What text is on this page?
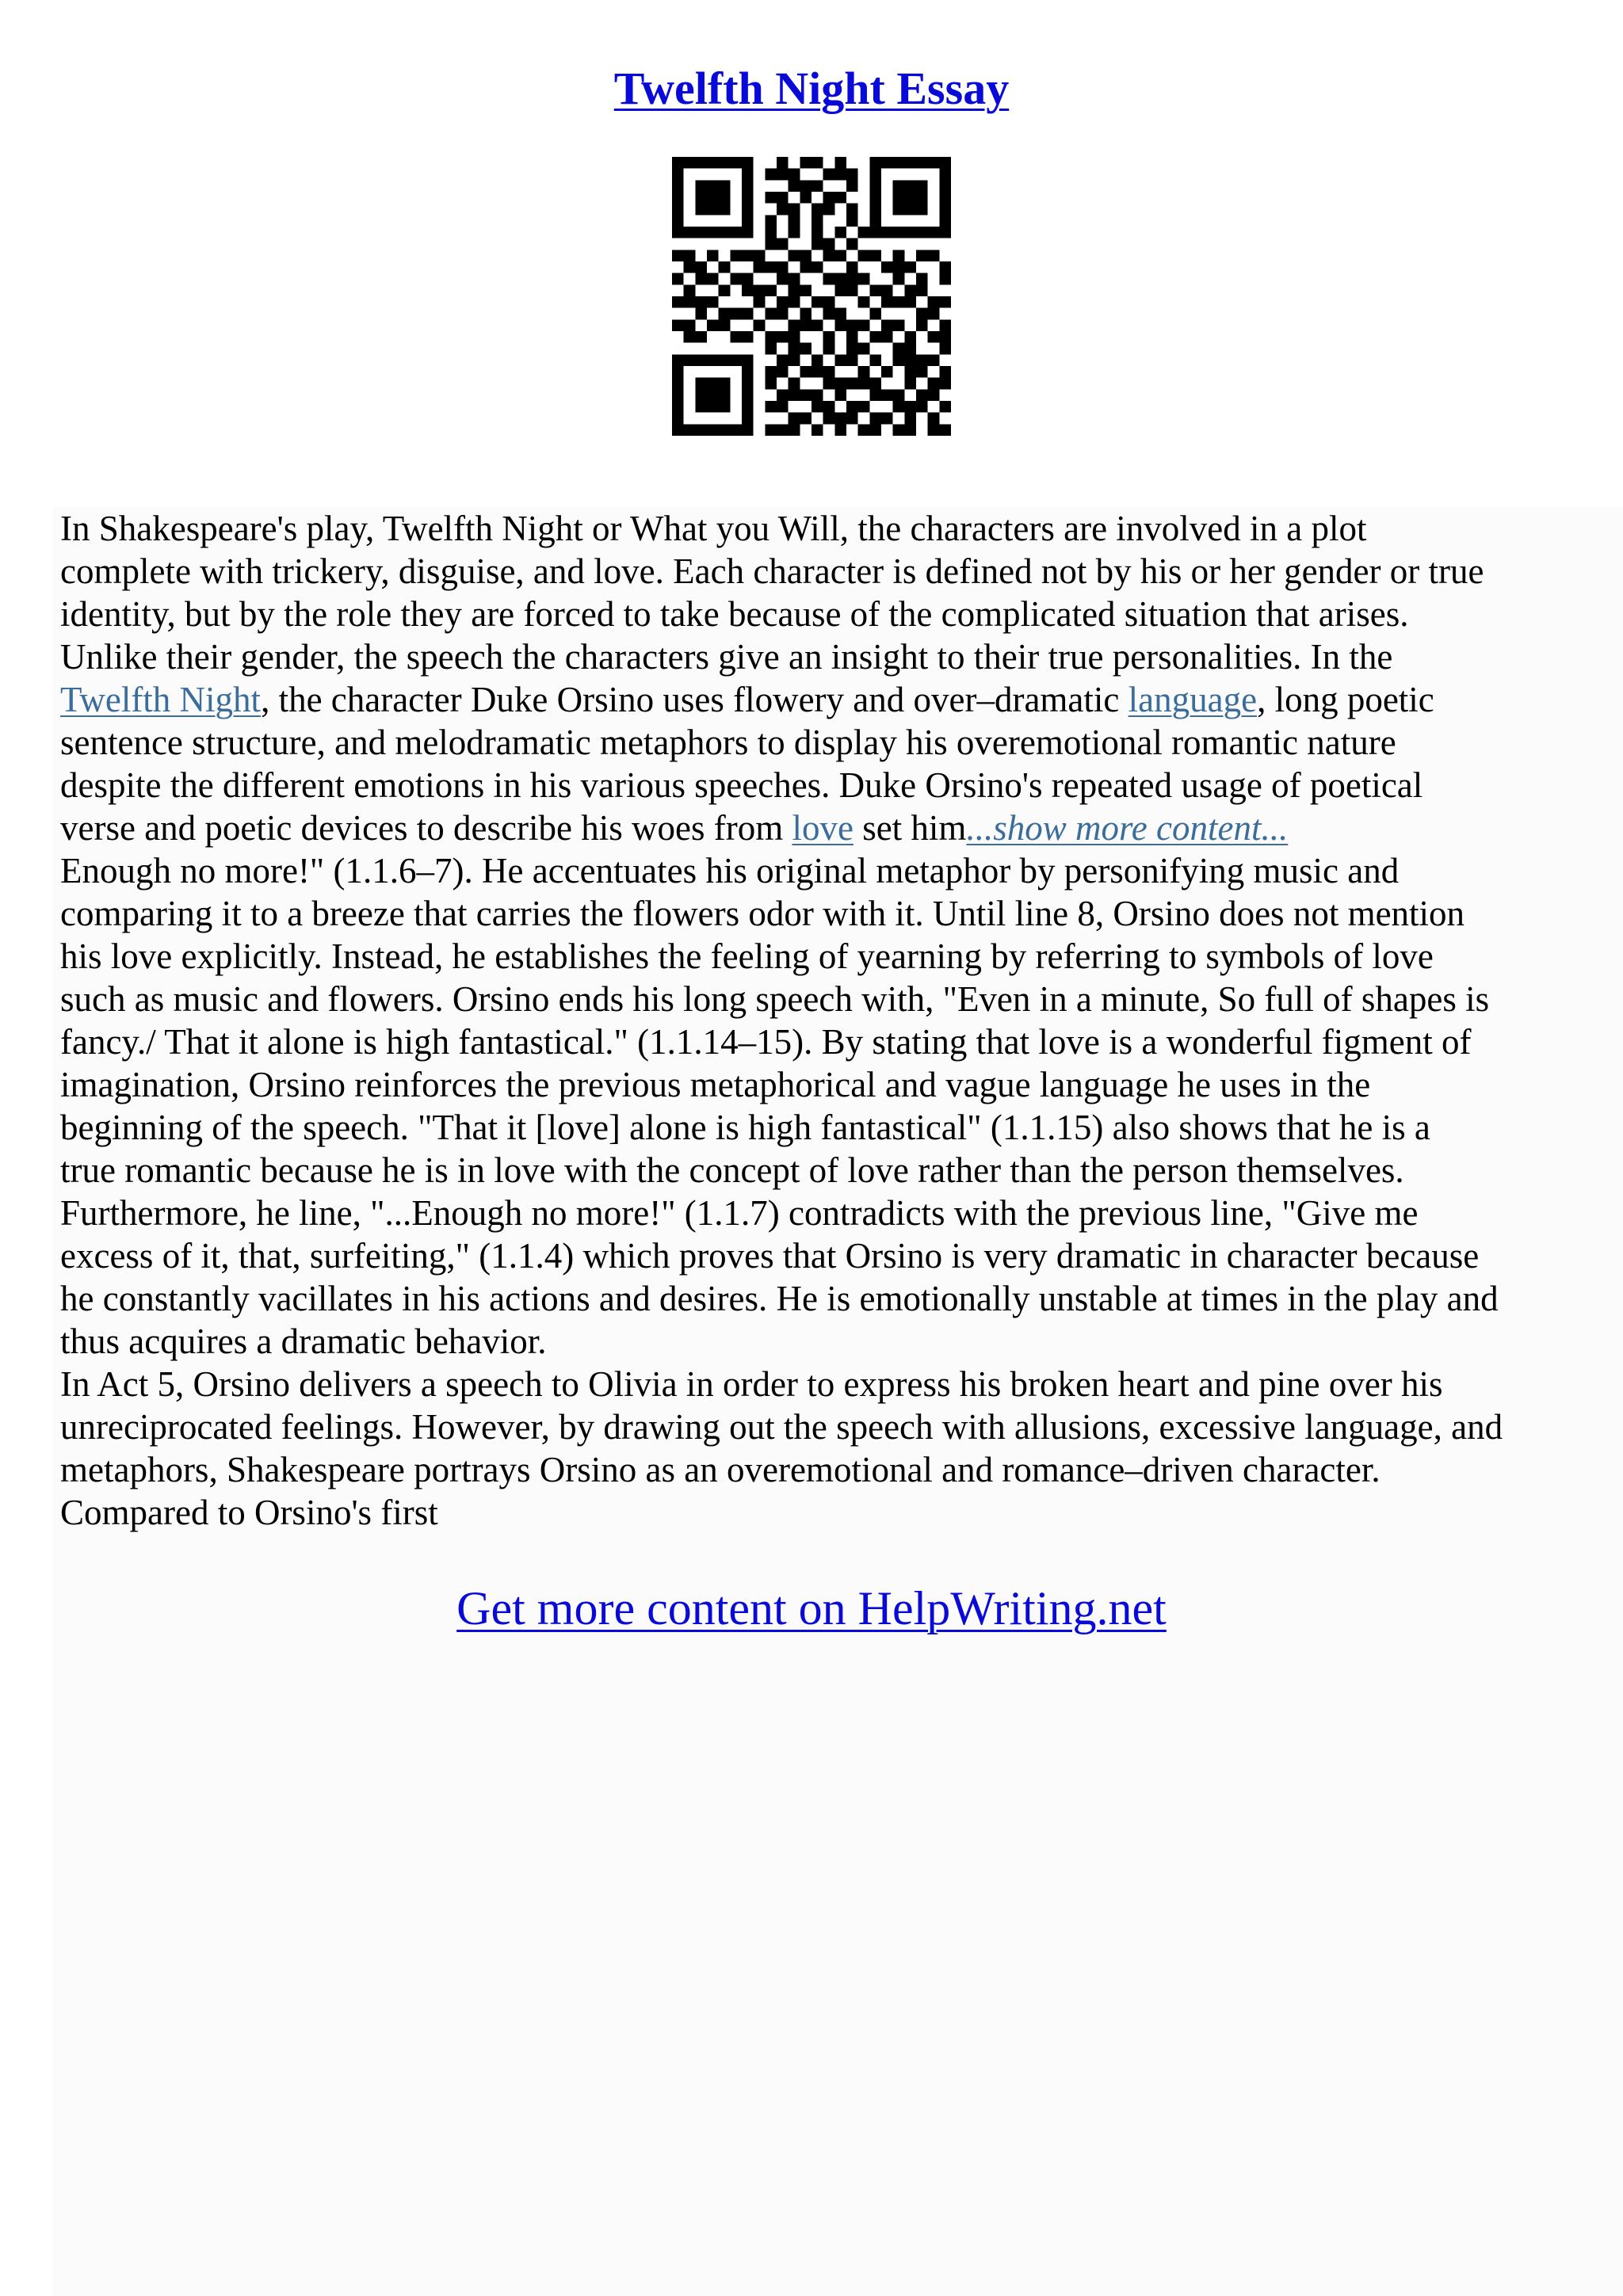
Twelfth Night Essay
In Shakespeare's play, Twelfth Night or What you Will, the characters are involved in a plot
complete with trickery, disguise, and love. Each character is defined not by his or her gender or true
identity, but by the role they are forced to take because of the complicated situation that arises.
Unlike their gender, the speech the characters give an insight to their true personalities. In the
Twelfth Night, the character Duke Orsino uses flowery and over–dramatic language, long poetic
sentence structure, and melodramatic metaphors to display his overemotional romantic nature
despite the different emotions in his various speeches. Duke Orsino's repeated usage of poetical
verse and poetic devices to describe his woes from love set him...show more content...
Enough no more!" (1.1.6–7). He accentuates his original metaphor by personifying music and
comparing it to a breeze that carries the flowers odor with it. Until line 8, Orsino does not mention
his love explicitly. Instead, he establishes the feeling of yearning by referring to symbols of love
such as music and flowers. Orsino ends his long speech with, "Even in a minute, So full of shapes is
fancy./ That it alone is high fantastical." (1.1.14–15). By stating that love is a wonderful figment of
imagination, Orsino reinforces the previous metaphorical and vague language he uses in the
beginning of the speech. "That it [love] alone is high fantastical" (1.1.15) also shows that he is a
true romantic because he is in love with the concept of love rather than the person themselves.
Furthermore, he line, "...Enough no more!" (1.1.7) contradicts with the previous line, "Give me
excess of it, that, surfeiting," (1.1.4) which proves that Orsino is very dramatic in character because
he constantly vacillates in his actions and desires. He is emotionally unstable at times in the play and
thus acquires a dramatic behavior.
In Act 5, Orsino delivers a speech to Olivia in order to express his broken heart and pine over his
unreciprocated feelings. However, by drawing out the speech with allusions, excessive language, and
metaphors, Shakespeare portrays Orsino as an overemotional and romance–driven character.
Compared to Orsino's first
Get more content on HelpWriting.net
